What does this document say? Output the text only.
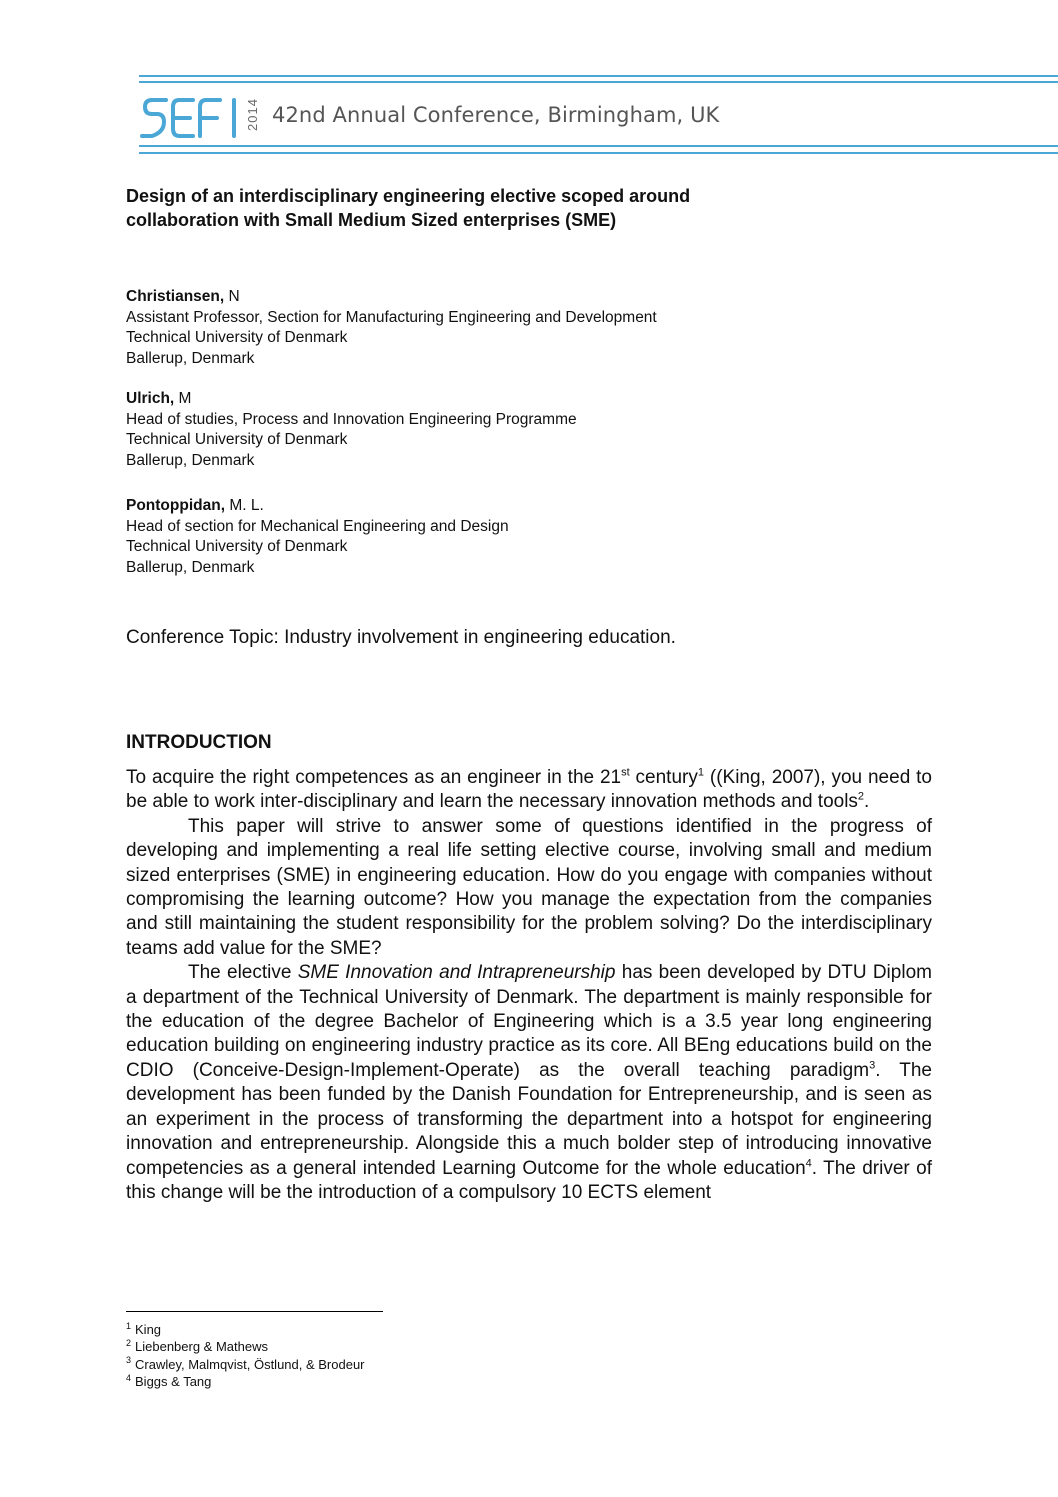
2014 42nd Annual Conference, Birmingham, UK
Design of an interdisciplinary engineering elective scoped around
collaboration with Small Medium Sized enterprises (SME)
Christiansen, N
Assistant Professor, Section for Manufacturing Engineering and Development
Technical University of Denmark
Ballerup, Denmark
Ulrich, M
Head of studies, Process and Innovation Engineering Programme
Technical University of Denmark
Ballerup, Denmark
Pontoppidan, M. L.
Head of section for Mechanical Engineering and Design
Technical University of Denmark
Ballerup, Denmark
Conference Topic: Industry involvement in engineering education.
INTRODUCTION

To acquire the right competences as an engineer in the 21st century$^1$ ((King, 2007), you need to be able to work inter-disciplinary and learn the necessary innovation methods and tools$^2$.

This paper will strive to answer some of questions identified in the progress of developing and implementing a real life setting elective course, involving small and medium sized enterprises (SME) in engineering education. How do you engage with companies without compromising the learning outcome? How you manage the expectation from the companies and still maintaining the student responsibility for the problem solving? Do the interdisciplinary teams add value for the SME?

The elective SME Innovation and Intrapreneurship has been developed by DTU Diplom a department of the Technical University of Denmark. The department is mainly responsible for the education of the degree Bachelor of Engineering which is a 3.5 year long engineering education building on engineering industry practice as its core. All BEng educations build on the CDIO (Conceive-Design-Implement-Operate) as the overall teaching paradigm$^3$. The development has been funded by the Danish Foundation for Entrepreneurship, and is seen as an experiment in the process of transforming the department into a hotspot for engineering innovation and entrepreneurship. Alongside this a much bolder step of introducing innovative competencies as a general intended Learning Outcome for the whole education$^4$. The driver of this change will be the introduction of a compulsory 10 ECTS element

$^1$ King
$^2$ Liebenberg & Mathews
$^3$ Crawley, Malmqvist, Östlund, & Brodeur
$^4$ Biggs & Tang
